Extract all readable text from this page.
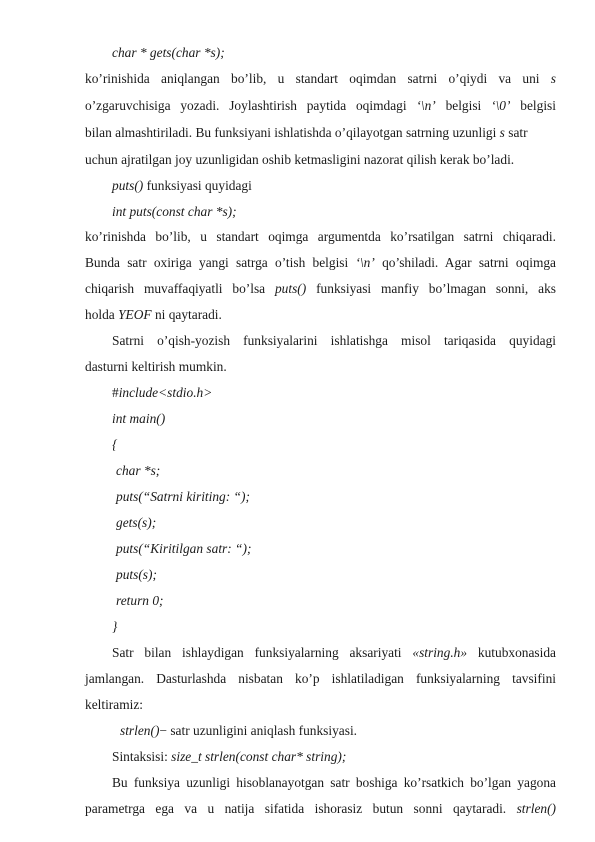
char * gets(char *s);
ko’rinishida aniqlangan bo’lib, u standart oqimdan satrni o’qiydi va uni s
o’zgaruvchisiga yozadi. Joylashtirish paytida oqimdagi ‘\n’ belgisi ‘\0’ belgisi
bilan almashtiriladi. Bu funksiyani ishlatishda o’qilayotgan satrning uzunligi s satr
uchun ajratilgan joy uzunligidan oshib ketmasligini nazorat qilish kerak bo’ladi.
puts() funksiyasi quyidagi
int puts(const char *s);
ko’rinishda bo’lib, u standart oqimga argumentda ko’rsatilgan satrni chiqaradi.
Bunda satr oxiriga yangi satrga o’tish belgisi ‘\n’ qo’shiladi. Agar satrni oqimga
chiqarish muvaffaqiyatli bo’lsa puts() funksiyasi manfiy bo’lmagan sonni, aks
holda YEOF ni qaytaradi.
Satrni o’qish-yozish funksiyalarini ishlatishga misol tariqasida quyidagi
dasturni keltirish mumkin.
#include<stdio.h>
int main()
{
char *s;
puts(“Satrni kiriting: “);
gets(s);
puts(“Kiritilgan satr: “);
puts(s);
return 0;
}
Satr bilan ishlaydigan funksiyalarning aksariyati «string.h» kutubxonasida
jamlangan. Dasturlashda nisbatan ko’p ishlatiladigan funksiyalarning tavsifini
keltiramiz:
strlen()− satr uzunligini aniqlash funksiyasi.
Sintaksisi: size_t strlen(const char* string);
Bu funksiya uzunligi hisoblanayotgan satr boshiga ko’rsatkich bo’lgan yagona
parametrga ega va u natija sifatida ishorasiz butun sonni qaytaradi. strlen()
